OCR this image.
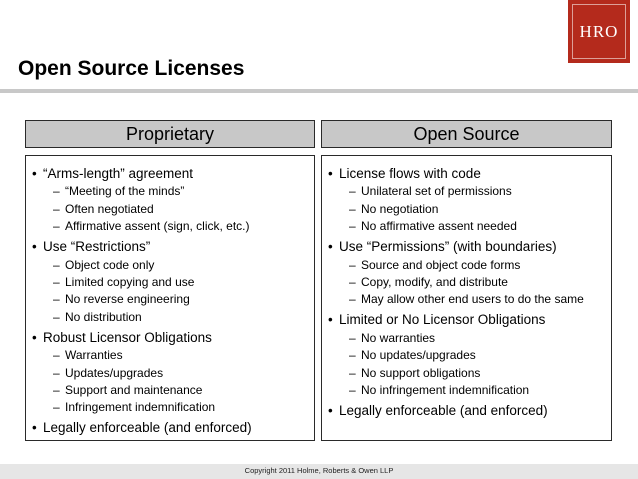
HRO
Open Source Licenses
Proprietary	Open Source
• “Arms-length” agreement
– “Meeting of the minds”
– Often negotiated
– Affirmative assent (sign, click, etc.)
• Use “Restrictions”
– Object code only
– Limited copying and use
– No reverse engineering
– No distribution
• Robust Licensor Obligations
– Warranties
– Updates/upgrades
– Support and maintenance
– Infringement indemnification
• Legally enforceable (and enforced)
• License flows with code
– Unilateral set of permissions
– No negotiation
– No affirmative assent needed
• Use “Permissions” (with boundaries)
– Source and object code forms
– Copy, modify, and distribute
– May allow other end users to do the same
• Limited or No Licensor Obligations
– No warranties
– No updates/upgrades
– No support obligations
– No infringement indemnification
• Legally enforceable (and enforced)
Copyright 2011 Holme, Roberts & Owen LLP
